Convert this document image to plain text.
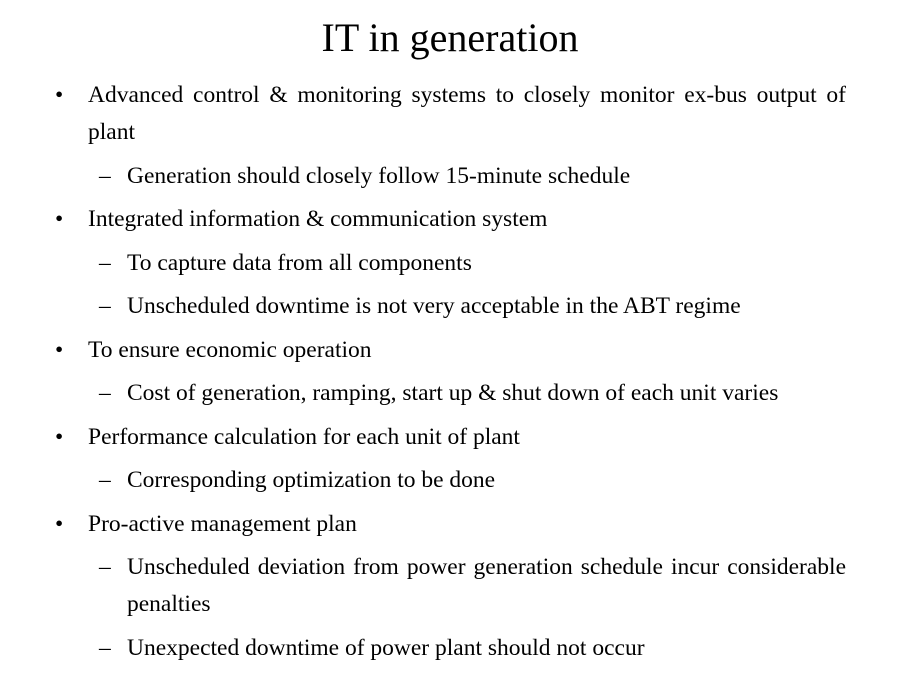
IT in generation
• Advanced control & monitoring systems to closely monitor ex-bus output of plant
– Generation should closely follow 15-minute schedule
• Integrated information & communication system
– To capture data from all components
– Unscheduled downtime is not very acceptable in the ABT regime
• To ensure economic operation
– Cost of generation, ramping, start up & shut down of each unit varies
• Performance calculation for each unit of plant
– Corresponding optimization to be done
• Pro-active management plan
– Unscheduled deviation from power generation schedule incur considerable penalties
– Unexpected downtime of power plant should not occur
